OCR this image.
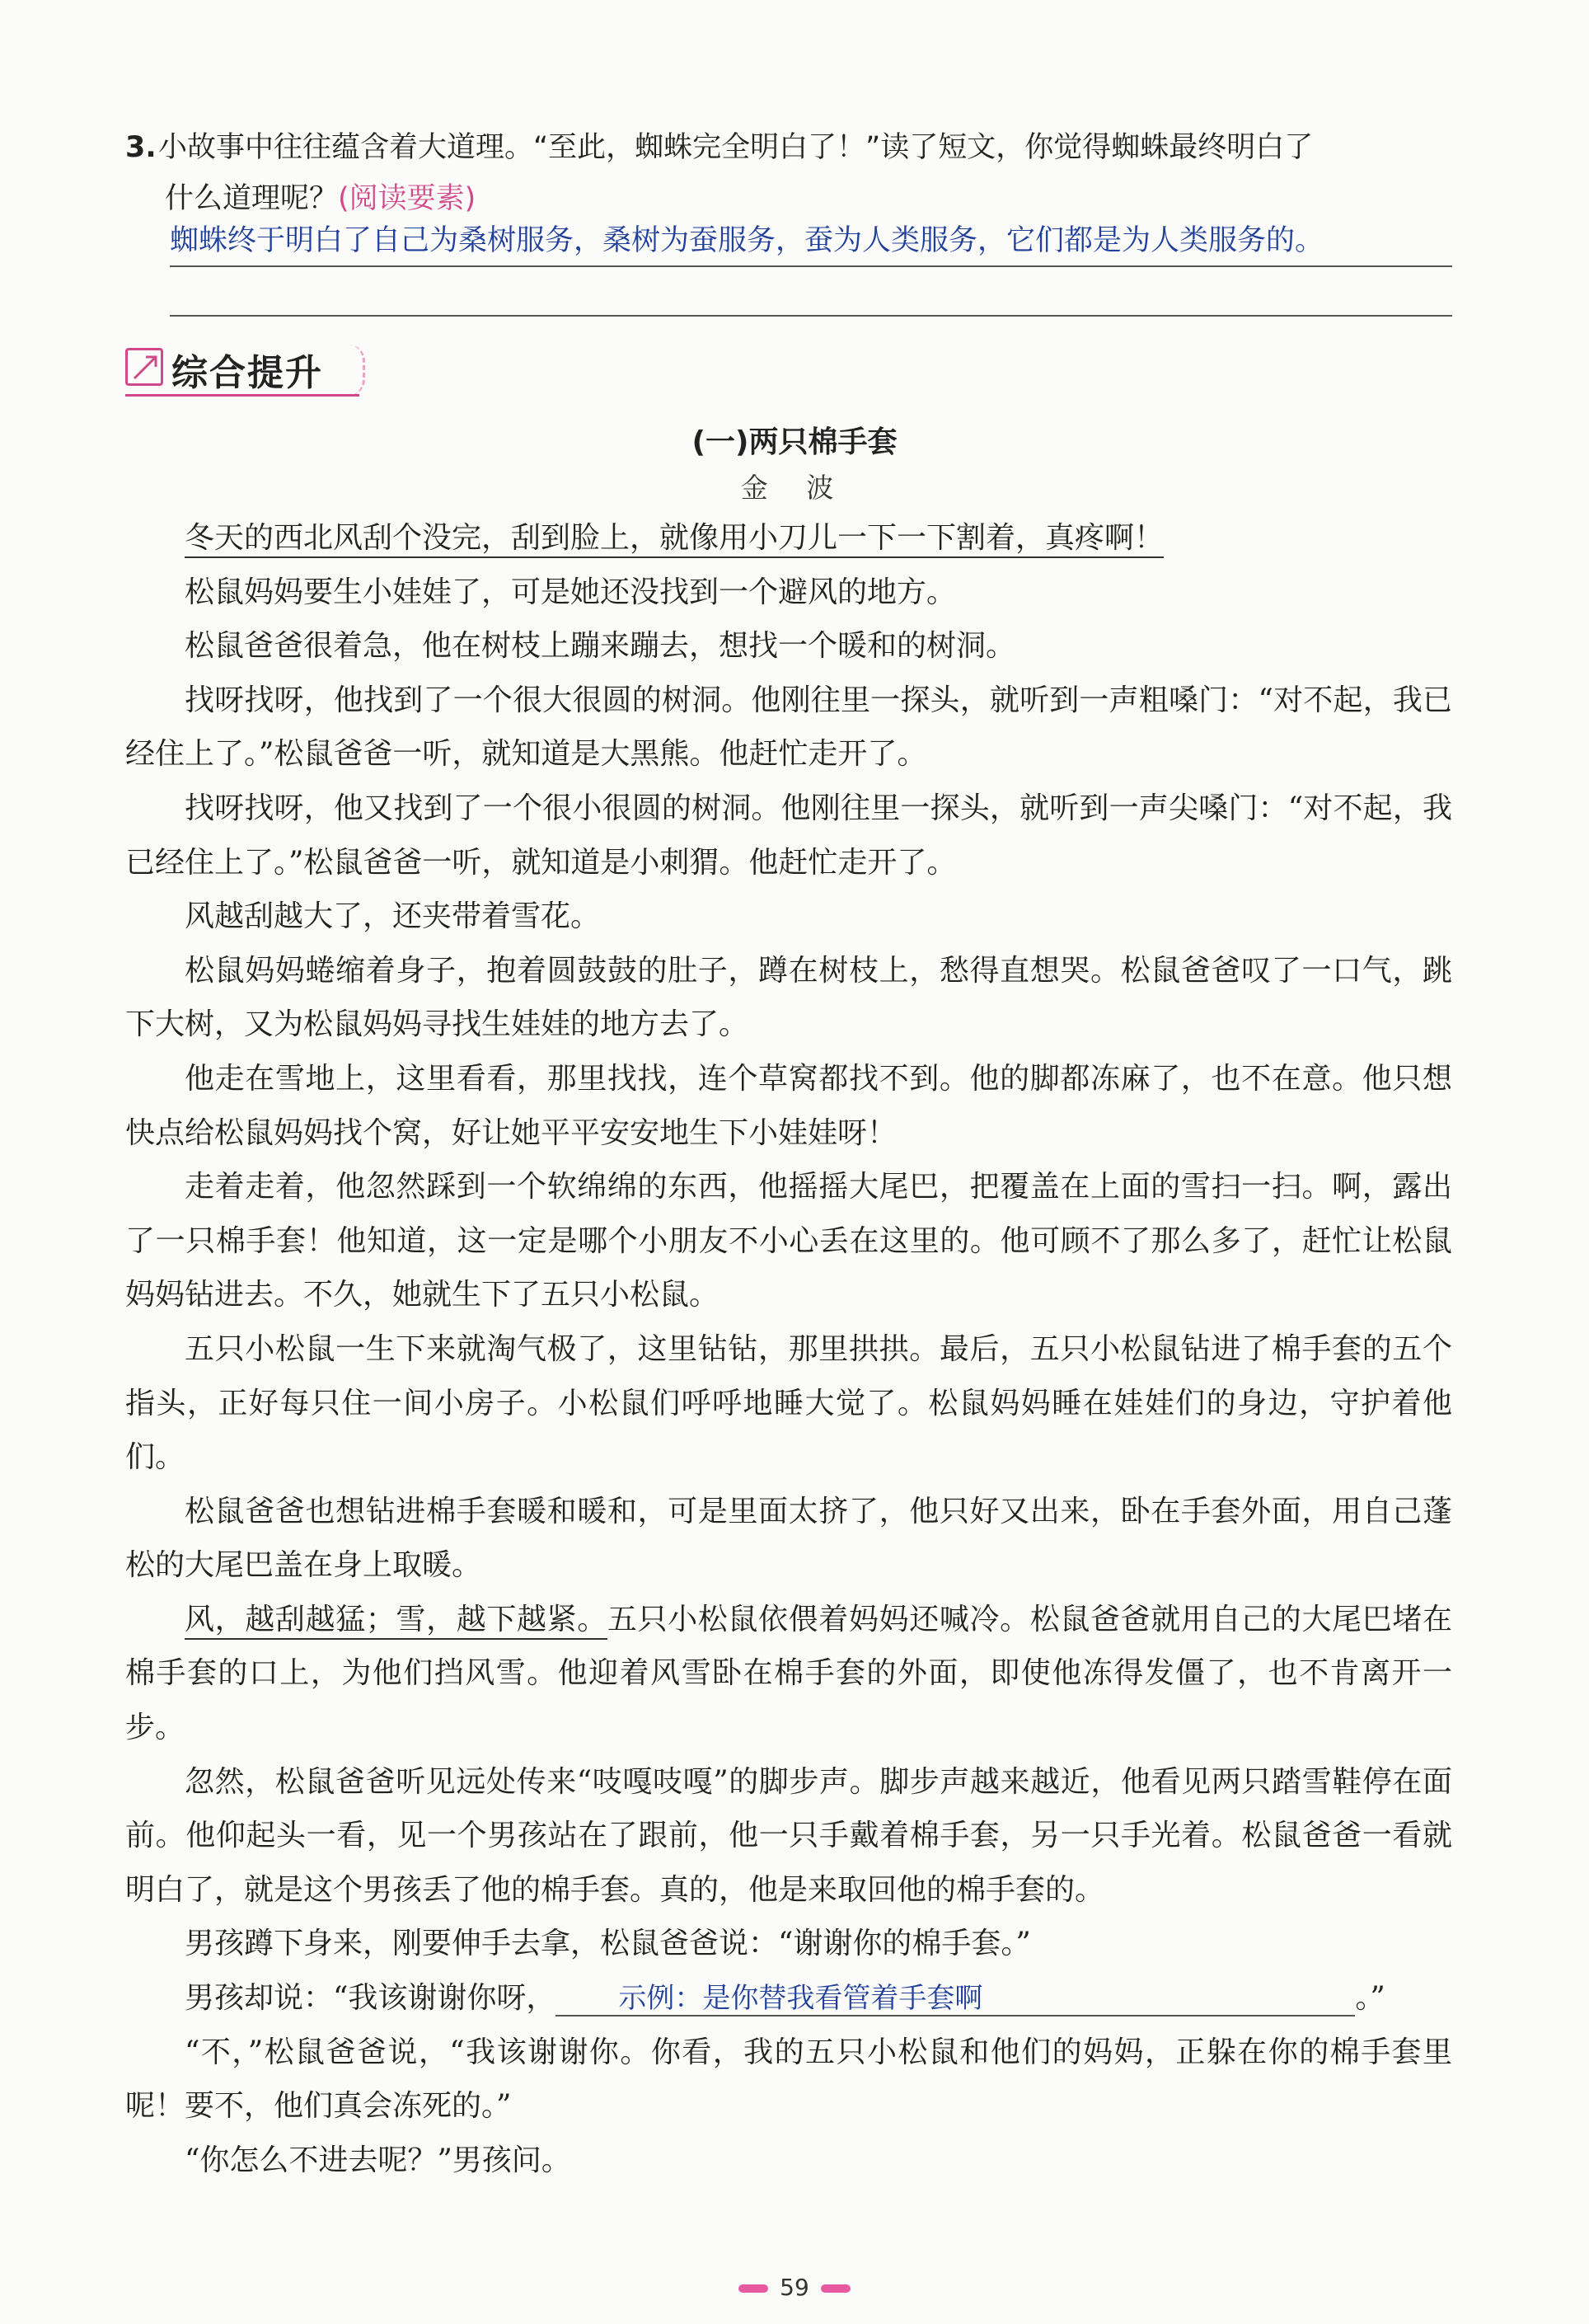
3.小故事中往往蕴含着大道理。“至此，蜘蛛完全明白了！”读了短文，你觉得蜘蛛最终明白了
什么道理呢？(阅读要素)
蜘蛛终于明白了自己为桑树服务，桑树为蚕服务，蚕为人类服务，它们都是为人类服务的。
综合提升
(一)两只棉手套
金 波

冬天的西北风刮个没完，刮到脸上，就像用小刀儿一下一下割着，真疼啊！

松鼠妈妈要生小娃娃了，可是她还没找到一个避风的地方。

松鼠爸爸很着急，他在树枝上蹦来蹦去，想找一个暖和的树洞。

找呀找呀，他找到了一个很大很圆的树洞。他刚往里一探头，就听到一声粗嗓门：“对不起，我已经住上了。”松鼠爸爸一听，就知道是大黑熊。他赶忙走开了。

找呀找呀，他又找到了一个很小很圆的树洞。他刚往里一探头，就听到一声尖嗓门：“对不起，我已经住上了。”松鼠爸爸一听，就知道是小刺猬。他赶忙走开了。

风越刮越大了，还夹带着雪花。

松鼠妈妈蜷缩着身子，抱着圆鼓鼓的肚子，蹲在树枝上，愁得直想哭。松鼠爸爸叹了一口气，跳下大树，又为松鼠妈妈寻找生娃娃的地方去了。

他走在雪地上，这里看看，那里找找，连个草窝都找不到。他的脚都冻麻了，也不在意。他只想快点给松鼠妈妈找个窝，好让她平平安安地生下小娃娃呀！

走着走着，他忽然踩到一个软绵绵的东西，他摇摇大尾巴，把覆盖在上面的雪扫一扫。啊，露出了一只棉手套！他知道，这一定是哪个小朋友不小心丢在这里的。他可顾不了那么多了，赶忙让松鼠妈妈钻进去。不久，她就生下了五只小松鼠。

五只小松鼠一生下来就淘气极了，这里钻钻，那里拱拱。最后，五只小松鼠钻进了棉手套的五个指头，正好每只住一间小房子。小松鼠们呼呼地睡大觉了。松鼠妈妈睡在娃娃们的身边，守护着他们。

松鼠爸爸也想钻进棉手套暖和暖和，可是里面太挤了，他只好又出来，卧在手套外面，用自己蓬松的大尾巴盖在身上取暖。

风，越刮越猛；雪，越下越紧。五只小松鼠依偎着妈妈还喊冷。松鼠爸爸就用自己的大尾巴堵在棉手套的口上，为他们挡风雪。他迎着风雪卧在棉手套的外面，即使他冻得发僵了，也不肯离开一步。

忽然，松鼠爸爸听见远处传来“吱嘎吱嘎”的脚步声。脚步声越来越近，他看见两只踏雪鞋停在面前。他仰起头一看，见一个男孩站在了跟前，他一只手戴着棉手套，另一只手光着。松鼠爸爸一看就明白了，就是这个男孩丢了他的棉手套。真的，他是来取回他的棉手套的。

男孩蹲下身来，刚要伸手去拿，松鼠爸爸说：“谢谢你的棉手套。”

男孩却说：“我该谢谢你呀， 示例：是你替我看管着手套啊	。”

“不，”松鼠爸爸说，“我该谢谢你。你看，我的五只小松鼠和他们的妈妈，正躲在你的棉手套里呢！要不，他们真会冻死的。”

“你怎么不进去呢？”男孩问。

59
